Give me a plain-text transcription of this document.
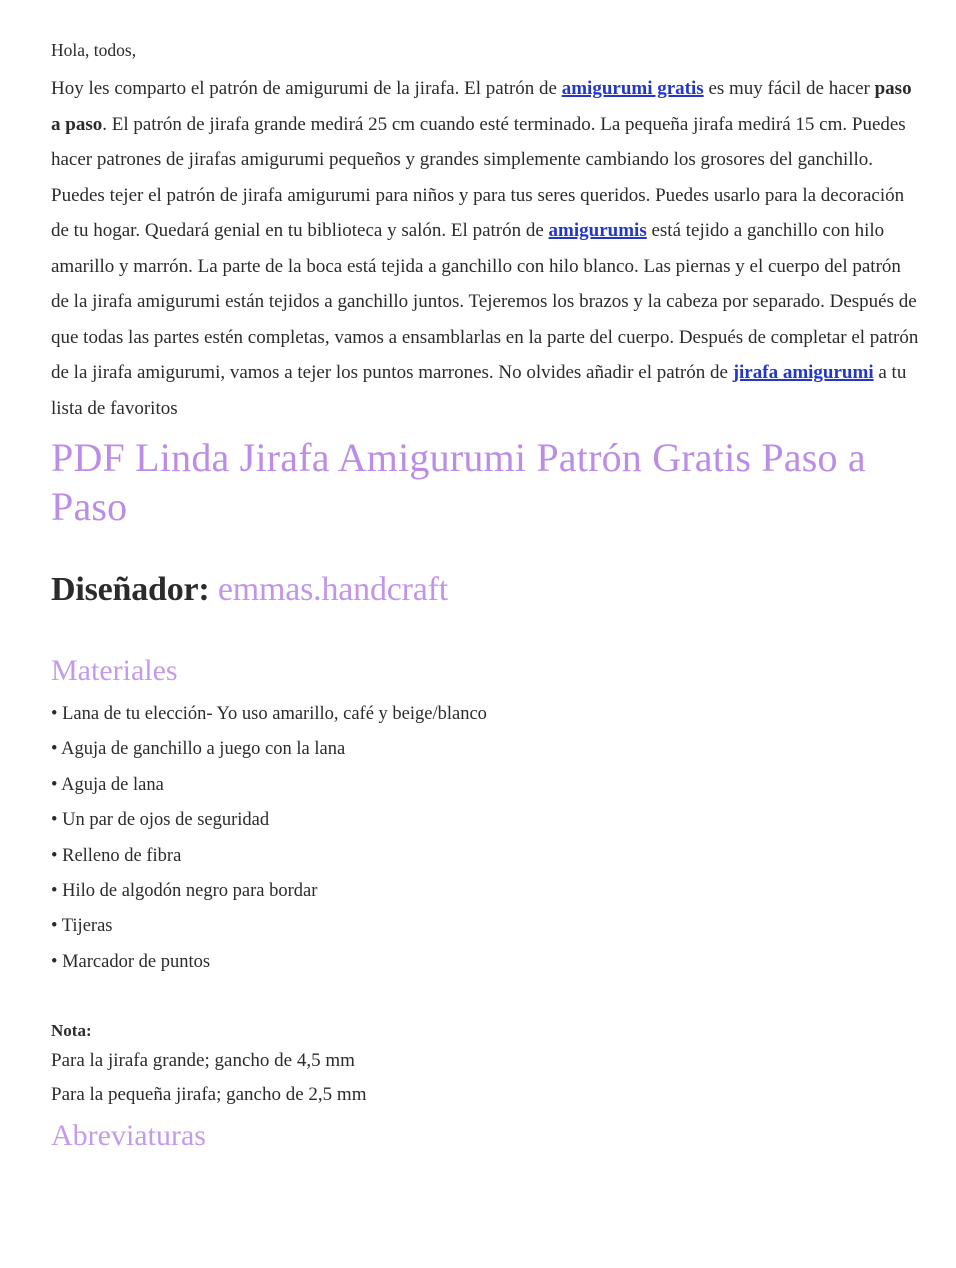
Hola, todos,

Hoy les comparto el patrón de amigurumi de la jirafa. El patrón de amigurumi gratis es muy fácil de hacer paso a paso. El patrón de jirafa grande medirá 25 cm cuando esté terminado. La pequeña jirafa medirá 15 cm. Puedes hacer patrones de jirafas amigurumi pequeños y grandes simplemente cambiando los grosores del ganchillo. Puedes tejer el patrón de jirafa amigurumi para niños y para tus seres queridos. Puedes usarlo para la decoración de tu hogar. Quedará genial en tu biblioteca y salón. El patrón de amigurumis está tejido a ganchillo con hilo amarillo y marrón. La parte de la boca está tejida a ganchillo con hilo blanco. Las piernas y el cuerpo del patrón de la jirafa amigurumi están tejidos a ganchillo juntos. Tejeremos los brazos y la cabeza por separado. Después de que todas las partes estén completas, vamos a ensamblarlas en la parte del cuerpo. Después de completar el patrón de la jirafa amigurumi, vamos a tejer los puntos marrones. No olvides añadir el patrón de jirafa amigurumi a tu lista de favoritos

PDF Linda Jirafa Amigurumi Patrón Gratis Paso a Paso
Diseñador: emmas.handcraft
Materiales
• Lana de tu elección- Yo uso amarillo, café y beige/blanco
• Aguja de ganchillo a juego con la lana
• Aguja de lana
• Un par de ojos de seguridad
• Relleno de fibra
• Hilo de algodón negro para bordar
• Tijeras
• Marcador de puntos

Nota:

Para la jirafa grande; gancho de 4,5 mm

Para la pequeña jirafa; gancho de 2,5 mm

Abreviaturas
